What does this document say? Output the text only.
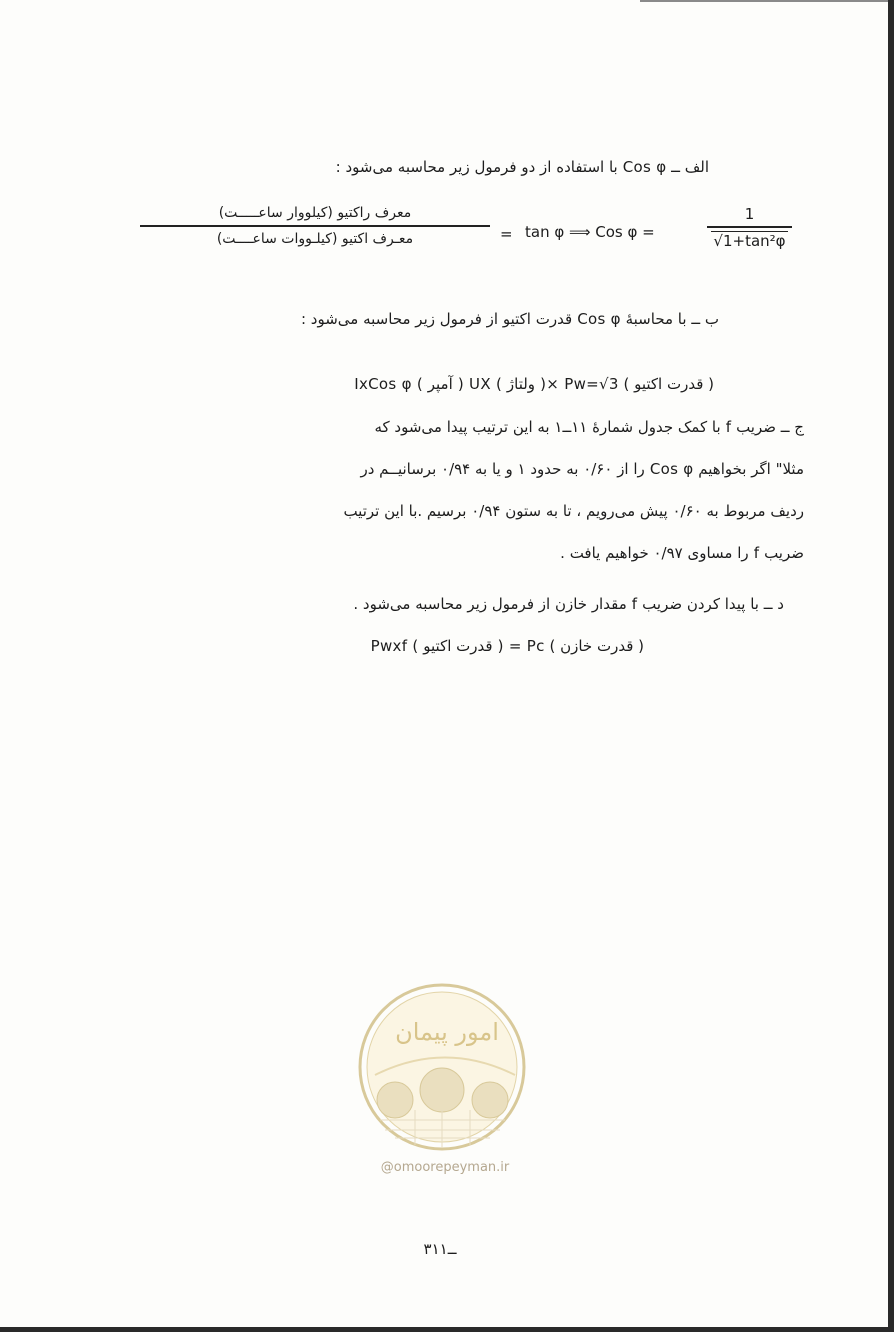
الف ــ Cos φ با استفاده از دو فرمول زیر محاسبه می‌شود :
معرف راکتیو (کیلووار ساعـــــت)
معـرف اکتیو (کیلـووات ساعــــت)	= tan φ ⟹ Cos φ =
1
√1+tan²φ
ب ــ با محاسبهٔ Cos φ قدرت اکتیو از فرمول زیر محاسبه می‌شود :
( قدرت اکتیو ) Pw=√3 ×( ولتاژ ) UX ( آمپر ) IxCos φ
ج ــ ضریب f با کمک جدول شمارهٔ ۱۱ــ۱ به این ترتیب پیدا می‌شود که
مثلا" اگر بخواهیم Cos φ را از ۰/۶۰ به حدود ۱ و یا به ۰/۹۴ برسانیــم در
ردیف مربوط به ۰/۶۰ پیش می‌رویم ، تا به ستون ۰/۹۴ برسیم .با این ترتیب
ضریب f را مساوی ۰/۹۷ خواهیم یافت .
د ــ با پیدا کردن ضریب f مقدار خازن از فرمول زیر محاسبه می‌شود .
( قدرت خازن ) Pc = ( قدرت اکتیو ) Pwxf
امور پیمان
@omoorepeyman.ir
۳ــ۱۱
